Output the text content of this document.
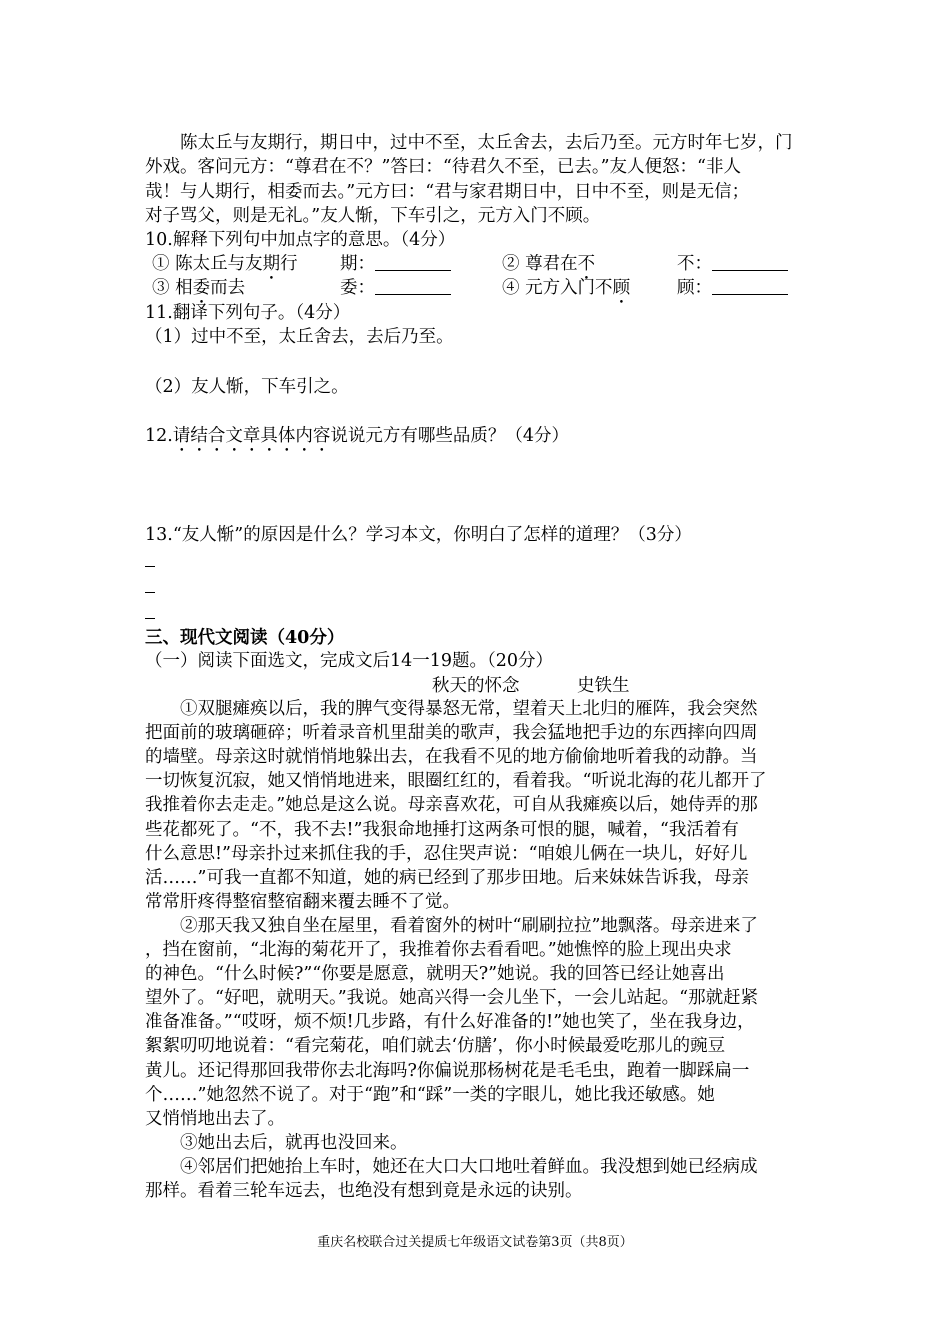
陈太丘与友期行，期日中，过中不至，太丘舍去，去后乃至。元方时年七岁，门
外戏。客问元方：“尊君在不？”答曰：“待君久不至，已去。”友人便怒：“非人
哉！与人期行，相委而去。”元方曰：“君与家君期日中，日中不至，则是无信；
对子骂父，则是无礼。”友人惭，下车引之，元方入门不顾。
10.解释下列句中加点字的意思。（4分）
① 陈太丘与友期行 期：	② 尊君在不	不：
③ 相委而去	委：	④ 元方入门不顾	顾：
11.翻译下列句子。（4分）
（1）过中不至，太丘舍去，去后乃至。
（2）友人惭，下车引之。
12.请结合文章具体内容说说元方有哪些品质？（4分）
13.“友人惭”的原因是什么？学习本文，你明白了怎样的道理？（3分）
三、现代文阅读（40分）
（一）阅读下面选文，完成文后14一19题。（20分）
秋天的怀念	史铁生
①双腿瘫痪以后，我的脾气变得暴怒无常，望着天上北归的雁阵，我会突然
把面前的玻璃砸碎；听着录音机里甜美的歌声，我会猛地把手边的东西摔向四周
的墙壁。母亲这时就悄悄地躲出去，在我看不见的地方偷偷地听着我的动静。当
一切恢复沉寂，她又悄悄地进来，眼圈红红的，看着我。“听说北海的花儿都开了
我推着你去走走。”她总是这么说。母亲喜欢花，可自从我瘫痪以后，她侍弄的那
些花都死了。“不，我不去!”我狠命地捶打这两条可恨的腿，喊着，“我活着有
什么意思!”母亲扑过来抓住我的手，忍住哭声说：“咱娘儿俩在一块儿，好好儿
活……”可我一直都不知道，她的病已经到了那步田地。后来妹妹告诉我，母亲
常常肝疼得整宿整宿翻来覆去睡不了觉。
②那天我又独自坐在屋里，看着窗外的树叶“刷刷拉拉”地飘落。母亲进来了
，挡在窗前，“北海的菊花开了，我推着你去看看吧。”她憔悴的脸上现出央求
的神色。“什么时候?”“你要是愿意，就明天?”她说。我的回答已经让她喜出
望外了。“好吧，就明天。”我说。她高兴得一会儿坐下，一会儿站起。“那就赶紧
准备准备。”“哎呀，烦不烦!几步路，有什么好准备的!”她也笑了，坐在我身边，
絮絮叨叨地说着：“看完菊花，咱们就去‘仿膳’，你小时候最爱吃那儿的豌豆
黄儿。还记得那回我带你去北海吗?你偏说那杨树花是毛毛虫，跑着一脚踩扁一
个……”她忽然不说了。对于“跑”和“踩”一类的字眼儿，她比我还敏感。她
又悄悄地出去了。
③她出去后，就再也没回来。
④邻居们把她抬上车时，她还在大口大口地吐着鲜血。我没想到她已经病成
那样。看着三轮车远去，也绝没有想到竟是永远的诀别。
重庆名校联合过关提质七年级语文试卷第3页（共8页）
